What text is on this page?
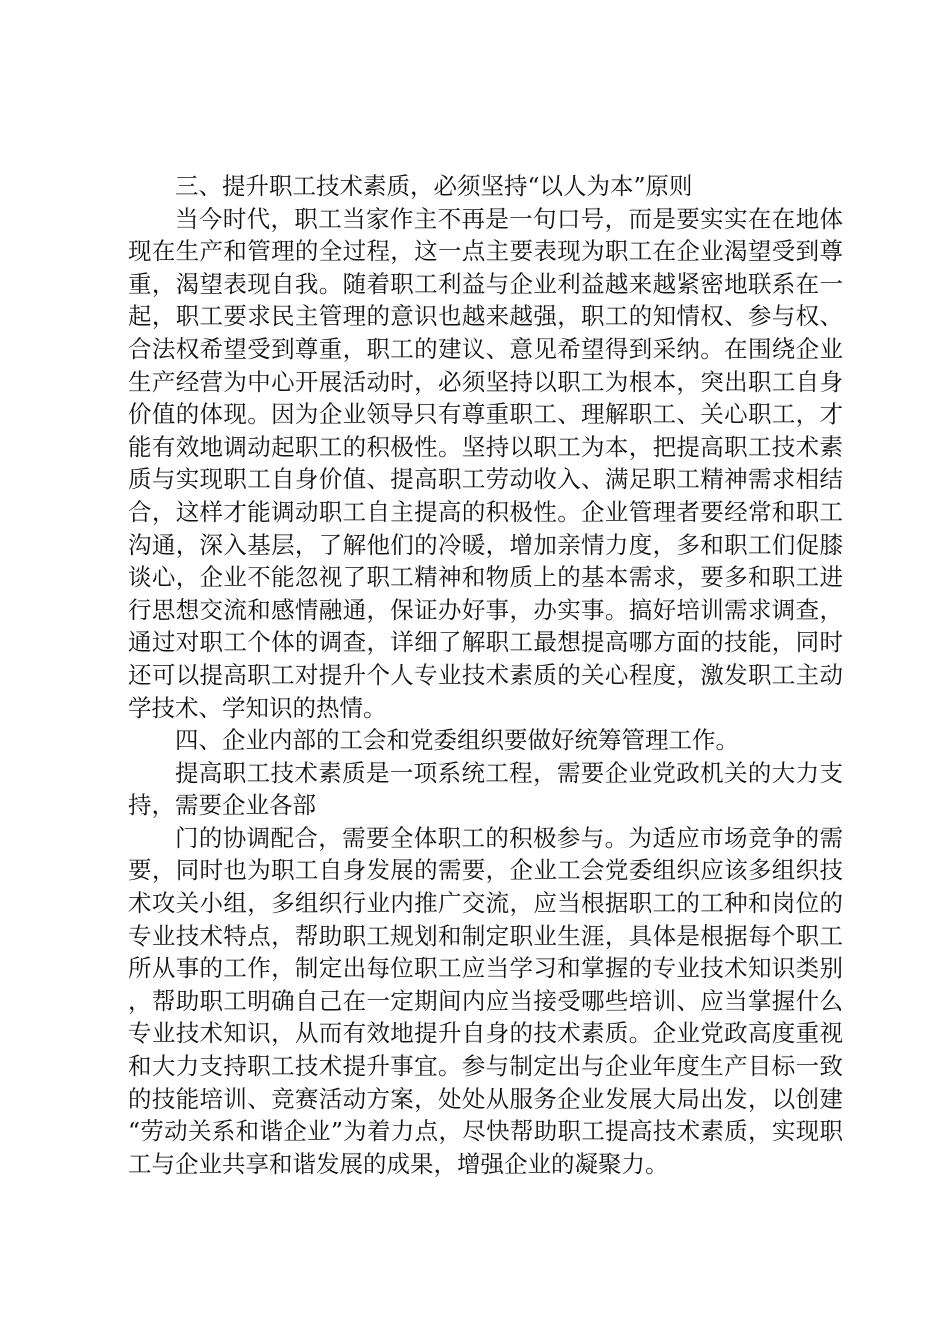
三、提升职工技术素质，必须坚持“以人为本”原则

当今时代，职工当家作主不再是一句口号，而是要实实在在地体现在生产和管理的全过程，这一点主要表现为职工在企业渴望受到尊重，渴望表现自我。随着职工利益与企业利益越来越紧密地联系在一起，职工要求民主管理的意识也越来越强，职工的知情权、参与权、合法权希望受到尊重，职工的建议、意见希望得到采纳。在围绕企业生产经营为中心开展活动时，必须坚持以职工为根本，突出职工自身价值的体现。因为企业领导只有尊重职工、理解职工、关心职工，才能有效地调动起职工的积极性。坚持以职工为本，把提高职工技术素质与实现职工自身价值、提高职工劳动收入、满足职工精神需求相结合，这样才能调动职工自主提高的积极性。企业管理者要经常和职工沟通，深入基层，了解他们的冷暖，增加亲情力度，多和职工们促膝谈心，企业不能忽视了职工精神和物质上的基本需求，要多和职工进行思想交流和感情融通，保证办好事，办实事。搞好培训需求调查，通过对职工个体的调查，详细了解职工最想提高哪方面的技能，同时还可以提高职工对提升个人专业技术素质的关心程度，激发职工主动学技术、学知识的热情。

四、企业内部的工会和党委组织要做好统筹管理工作。

提高职工技术素质是一项系统工程，需要企业党政机关的大力支持，需要企业各部

门的协调配合，需要全体职工的积极参与。为适应市场竞争的需要，同时也为职工自身发展的需要，企业工会党委组织应该多组织技术攻关小组，多组织行业内推广交流，应当根据职工的工种和岗位的专业技术特点，帮助职工规划和制定职业生涯，具体是根据每个职工所从事的工作，制定出每位职工应当学习和掌握的专业技术知识类别，帮助职工明确自己在一定期间内应当接受哪些培训、应当掌握什么专业技术知识，从而有效地提升自身的技术素质。企业党政高度重视和大力支持职工技术提升事宜。参与制定出与企业年度生产目标一致的技能培训、竞赛活动方案，处处从服务企业发展大局出发，以创建“劳动关系和谐企业”为着力点，尽快帮助职工提高技术素质，实现职工与企业共享和谐发展的成果，增强企业的凝聚力。
